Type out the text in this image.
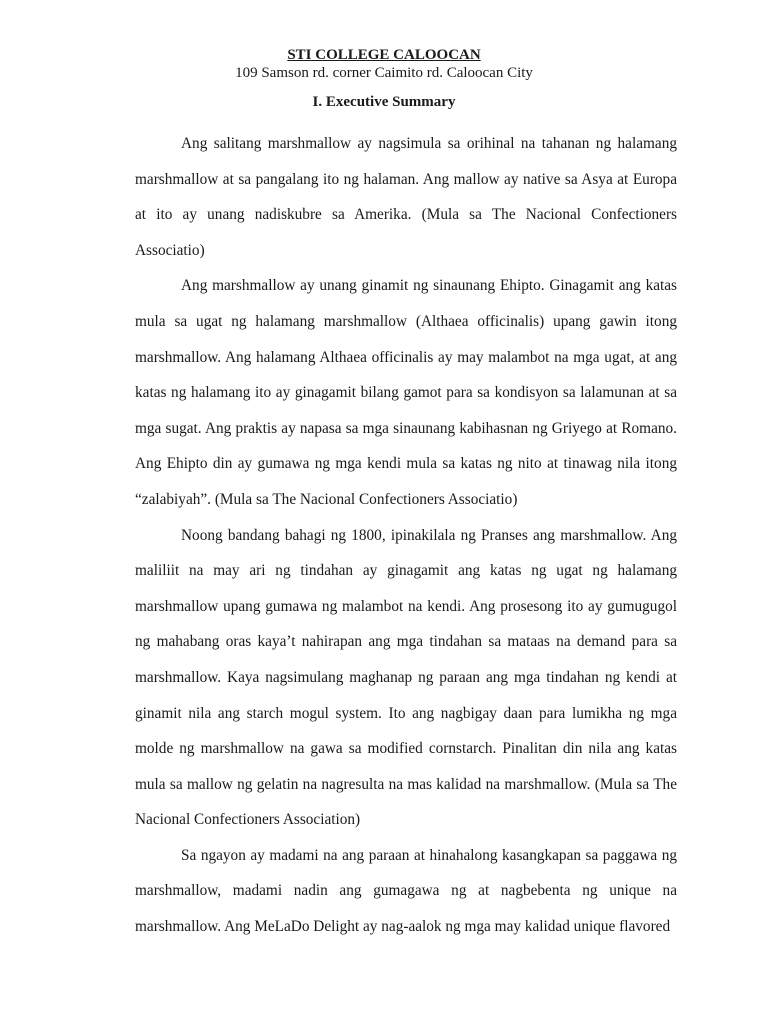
STI COLLEGE CALOOCAN
109 Samson rd. corner Caimito rd. Caloocan City
I. Executive Summary

Ang salitang marshmallow ay nagsimula sa orihinal na tahanan ng halamang marshmallow at sa pangalang ito ng halaman. Ang mallow ay native sa Asya at Europa at ito ay unang nadiskubre sa Amerika. (Mula sa The Nacional Confectioners Associatio)

Ang marshmallow ay unang ginamit ng sinaunang Ehipto. Ginagamit ang katas mula sa ugat ng halamang marshmallow (Althaea officinalis) upang gawin itong marshmallow. Ang halamang Althaea officinalis ay may malambot na mga ugat, at ang katas ng halamang ito ay ginagamit bilang gamot para sa kondisyon sa lalamunan at sa mga sugat. Ang praktis ay napasa sa mga sinaunang kabihasnan ng Griyego at Romano. Ang Ehipto din ay gumawa ng mga kendi mula sa katas ng nito at tinawag nila itong “zalabiyah”. (Mula sa The Nacional Confectioners Associatio)

Noong bandang bahagi ng 1800, ipinakilala ng Pranses ang marshmallow. Ang maliliit na may ari ng tindahan ay ginagamit ang katas ng ugat ng halamang marshmallow upang gumawa ng malambot na kendi. Ang prosesong ito ay gumugugol ng mahabang oras kaya’t nahirapan ang mga tindahan sa mataas na demand para sa marshmallow. Kaya nagsimulang maghanap ng paraan ang mga tindahan ng kendi at ginamit nila ang starch mogul system. Ito ang nagbigay daan para lumikha ng mga molde ng marshmallow na gawa sa modified cornstarch. Pinalitan din nila ang katas mula sa mallow ng gelatin na nagresulta na mas kalidad na marshmallow. (Mula sa The Nacional Confectioners Association)

Sa ngayon ay madami na ang paraan at hinahalong kasangkapan sa paggawa ng marshmallow, madami nadin ang gumagawa ng at nagbebenta ng unique na marshmallow. Ang MeLaDo Delight ay nag-aalok ng mga may kalidad unique flavored
